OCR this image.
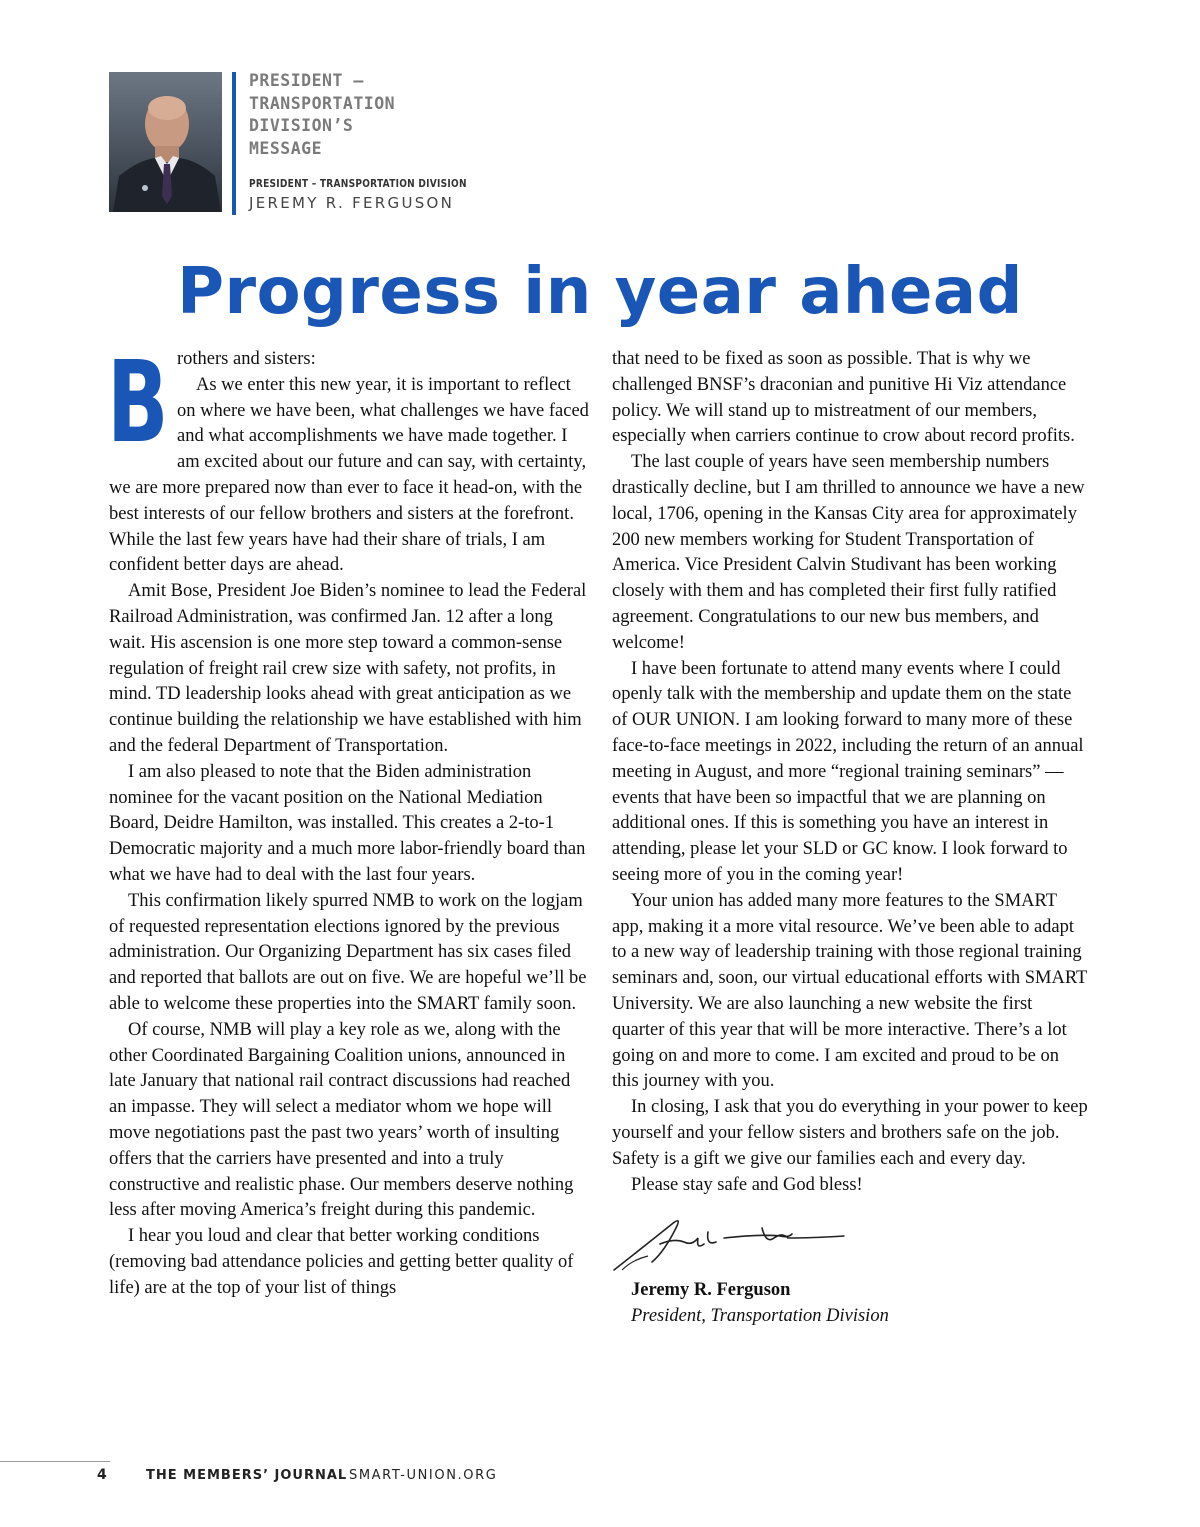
PRESIDENT –
TRANSPORTATION
DIVISION’S
MESSAGE
PRESIDENT – TRANSPORTATION DIVISION
JEREMY R. FERGUSON
Progress in year ahead
B rothers and sisters:

As we enter this new year, it is important to reflect on where we have been, what challenges we have faced and what accomplishments we have made together. I am excited about our future and can say, with certainty, we are more prepared now than ever to face it head-on, with the best interests of our fellow brothers and sisters at the forefront. While the last few years have had their share of trials, I am confident better days are ahead.

Amit Bose, President Joe Biden’s nominee to lead the Federal Railroad Administration, was confirmed Jan. 12 after a long wait. His ascension is one more step toward a common-sense regulation of freight rail crew size with safety, not profits, in mind. TD leadership looks ahead with great anticipation as we continue building the relationship we have established with him and the federal Department of Transportation.

I am also pleased to note that the Biden administration nominee for the vacant position on the National Mediation Board, Deidre Hamilton, was installed. This creates a 2-to-1 Democratic majority and a much more labor-friendly board than what we have had to deal with the last four years.

This confirmation likely spurred NMB to work on the logjam of requested representation elections ignored by the previous administration. Our Organizing Department has six cases filed and reported that ballots are out on five. We are hopeful we’ll be able to welcome these properties into the SMART family soon.

Of course, NMB will play a key role as we, along with the other Coordinated Bargaining Coalition unions, announced in late January that national rail contract discussions had reached an impasse. They will select a mediator whom we hope will move negotiations past the past two years’ worth of insulting offers that the carriers have presented and into a truly constructive and realistic phase. Our members deserve nothing less after moving America’s freight during this pandemic.

I hear you loud and clear that better working conditions (removing bad attendance policies and getting better quality of life) are at the top of your list of things

that need to be fixed as soon as possible. That is why we challenged BNSF’s draconian and punitive Hi Viz attendance policy. We will stand up to mistreatment of our members, especially when carriers continue to crow about record profits.

The last couple of years have seen membership numbers drastically decline, but I am thrilled to announce we have a new local, 1706, opening in the Kansas City area for approximately 200 new members working for Student Transportation of America. Vice President Calvin Studivant has been working closely with them and has completed their first fully ratified agreement. Congratulations to our new bus members, and welcome!

I have been fortunate to attend many events where I could openly talk with the membership and update them on the state of OUR UNION. I am looking forward to many more of these face-to-face meetings in 2022, including the return of an annual meeting in August, and more “regional training seminars” — events that have been so impactful that we are planning on additional ones. If this is something you have an interest in attending, please let your SLD or GC know. I look forward to seeing more of you in the coming year!

Your union has added many more features to the SMART app, making it a more vital resource. We’ve been able to adapt to a new way of leadership training with those regional training seminars and, soon, our virtual educational efforts with SMART University. We are also launching a new website the first quarter of this year that will be more interactive. There’s a lot going on and more to come. I am excited and proud to be on this journey with you.

In closing, I ask that you do everything in your power to keep yourself and your fellow sisters and brothers safe on the job. Safety is a gift we give our families each and every day.

Please stay safe and God bless!

Jeremy R. Ferguson

President, Transportation Division

4	THE MEMBERS’ JOURNAL SMART-UNION.ORG
